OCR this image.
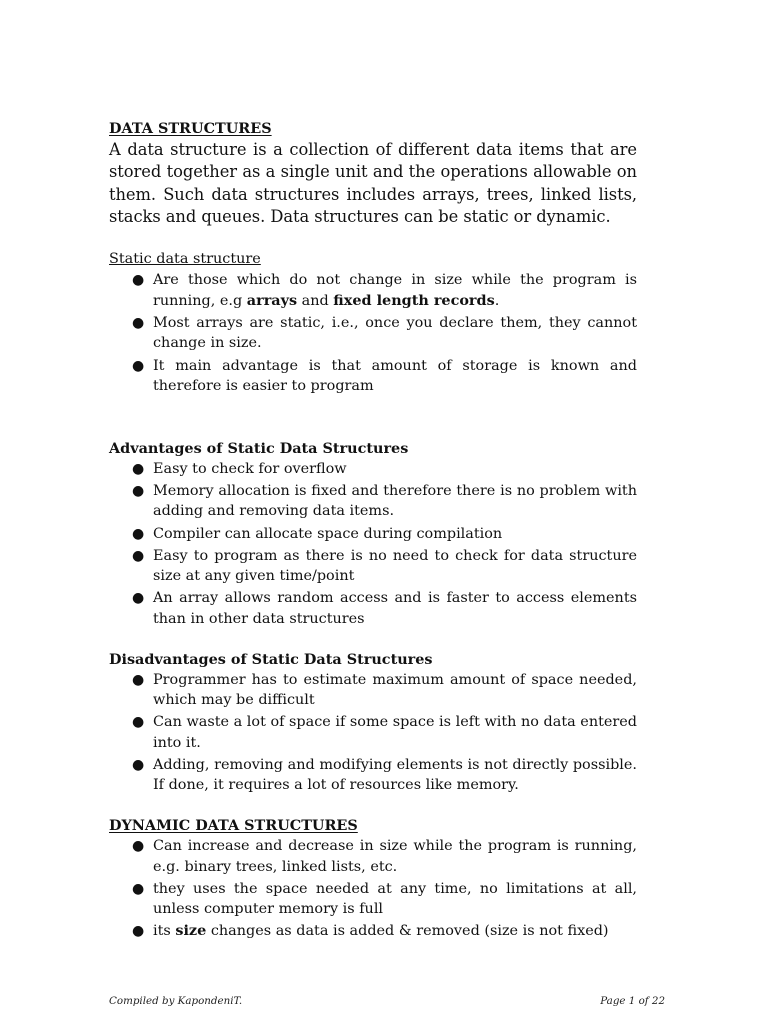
DATA STRUCTURES

A data structure is a collection of different data items that are stored together as a single unit and the operations allowable on them. Such data structures includes arrays, trees, linked lists, stacks and queues. Data structures can be static or dynamic.

Static data structure

● Are those which do not change in size while the program is running, e.g arrays and fixed length records.
● Most arrays are static, i.e., once you declare them, they cannot change in size.
● It main advantage is that amount of storage is known and therefore is easier to program

Advantages of Static Data Structures

● Easy to check for overflow
● Memory allocation is fixed and therefore there is no problem with adding and removing data items.
● Compiler can allocate space during compilation
● Easy to program as there is no need to check for data structure size at any given time/point
● An array allows random access and is faster to access elements than in other data structures

Disadvantages of Static Data Structures

● Programmer has to estimate maximum amount of space needed, which may be difficult
● Can waste a lot of space if some space is left with no data entered into it.
● Adding, removing and modifying elements is not directly possible. If done, it requires a lot of resources like memory.

DYNAMIC DATA STRUCTURES

● Can increase and decrease in size while the program is running, e.g. binary trees, linked lists, etc.
● they uses the space needed at any time, no limitations at all, unless computer memory is full
● its size changes as data is added & removed (size is not fixed)
Compiled by KapondeniT.	Page 1 of 22
